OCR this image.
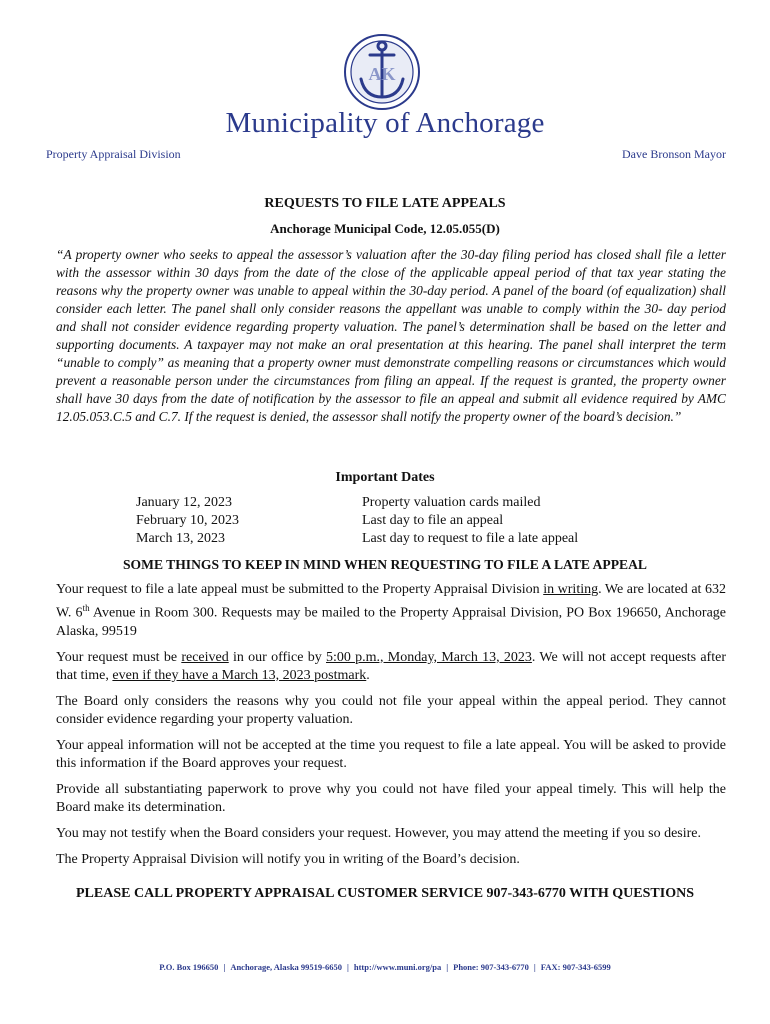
AK
Municipality of Anchorage
Property Appraisal Division	Dave Bronson Mayor
REQUESTS TO FILE LATE APPEALS
Anchorage Municipal Code, 12.05.055(D)
“A property owner who seeks to appeal the assessor’s valuation after the 30-day filing period has closed shall file a letter with the assessor within 30 days from the date of the close of the applicable appeal period of that tax year stating the reasons why the property owner was unable to appeal within the 30-day period. A panel of the board (of equalization) shall consider each letter. The panel shall only consider reasons the appellant was unable to comply within the 30- day period and shall not consider evidence regarding property valuation. The panel’s determination shall be based on the letter and supporting documents. A taxpayer may not make an oral presentation at this hearing. The panel shall interpret the term “unable to comply” as meaning that a property owner must demonstrate compelling reasons or circumstances which would prevent a reasonable person under the circumstances from filing an appeal. If the request is granted, the property owner shall have 30 days from the date of notification by the assessor to file an appeal and submit all evidence required by AMC 12.05.053.C.5 and C.7. If the request is denied, the assessor shall notify the property owner of the board’s decision.”
Important Dates
January 12, 2023	Property valuation cards mailed
February 10, 2023	Last day to file an appeal
March 13, 2023	Last day to request to file a late appeal
SOME THINGS TO KEEP IN MIND WHEN REQUESTING TO FILE A LATE APPEAL

Your request to file a late appeal must be submitted to the Property Appraisal Division in writing. We are located at 632 W. 6th Avenue in Room 300. Requests may be mailed to the Property Appraisal Division, PO Box 196650, Anchorage Alaska, 99519

Your request must be received in our office by 5:00 p.m., Monday, March 13, 2023. We will not accept requests after that time, even if they have a March 13, 2023 postmark.

The Board only considers the reasons why you could not file your appeal within the appeal period. They cannot consider evidence regarding your property valuation.

Your appeal information will not be accepted at the time you request to file a late appeal. You will be asked to provide this information if the Board approves your request.

Provide all substantiating paperwork to prove why you could not have filed your appeal timely. This will help the Board make its determination.

You may not testify when the Board considers your request. However, you may attend the meeting if you so desire.

The Property Appraisal Division will notify you in writing of the Board’s decision.

PLEASE CALL PROPERTY APPRAISAL CUSTOMER SERVICE 907-343-6770 WITH QUESTIONS
P.O. Box 196650 | Anchorage, Alaska 99519-6650 | http://www.muni.org/pa | Phone: 907-343-6770 | FAX: 907-343-6599
